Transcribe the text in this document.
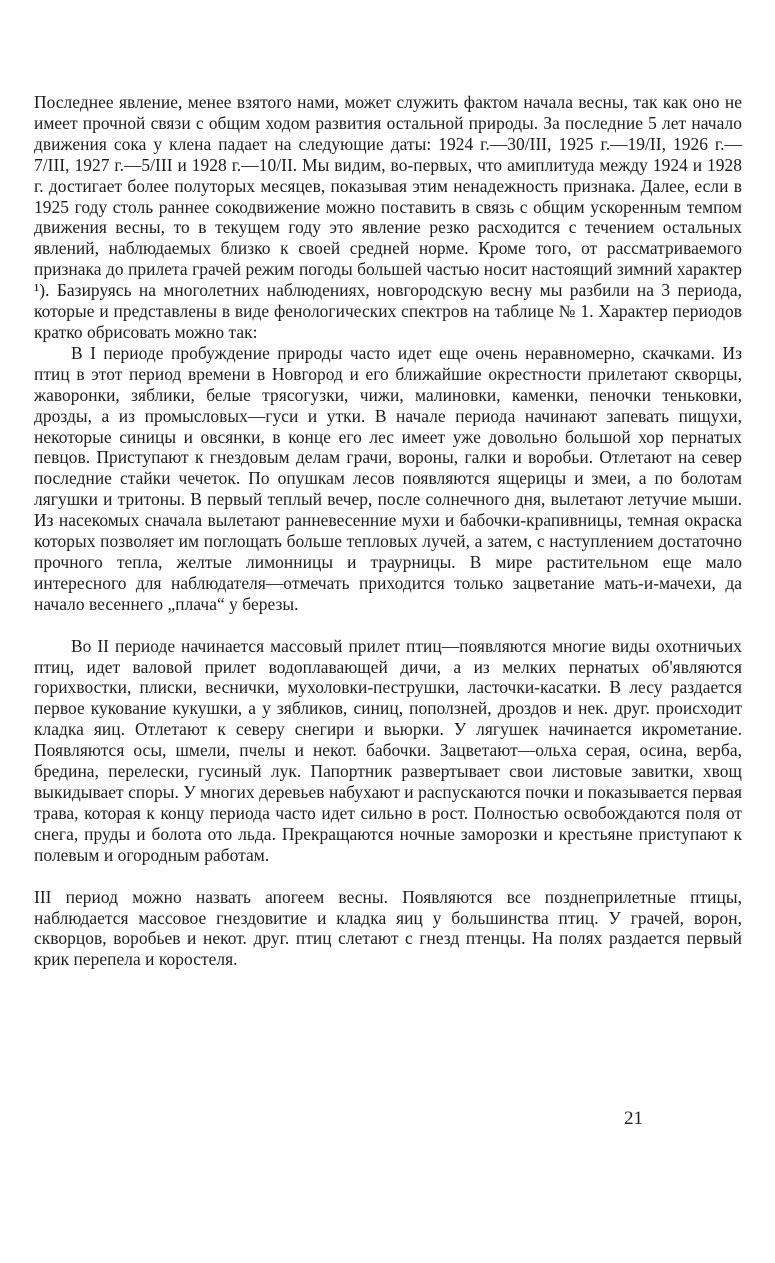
Последнее явление, менее взятого нами, может служить фактом начала весны, так как оно не имеет прочной связи с общим ходом развития остальной природы. За последние 5 лет начало движения сока у клена падает на следующие даты: 1924 г.—30/III, 1925 г.—19/II, 1926 г.—7/III, 1927 г.—5/III и 1928 г.—10/II. Мы видим, во-первых, что амиплитуда между 1924 и 1928 г. достигает более полуторых месяцев, показывая этим ненадежность признака. Далее, если в 1925 году столь раннее сокодвижение можно поставить в связь с общим ускоренным темпом движения весны, то в текущем году это явление резко расходится с течением остальных явлений, наблюдаемых близко к своей средней норме. Кроме того, от рассматриваемого признака до прилета грачей режим погоды большей частью носит настоящий зимний характер ¹). Базируясь на многолетних наблюдениях, новгородскую весну мы разбили на 3 периода, которые и представлены в виде фенологических спектров на таблице № 1. Характер периодов кратко обрисовать можно так:

В I периоде пробуждение природы часто идет еще очень неравномерно, скачками. Из птиц в этот период времени в Новгород и его ближайшие окрестности прилетают скворцы, жаворонки, зяблики, белые трясогузки, чижи, малиновки, каменки, пеночки теньковки, дрозды, а из промысловых—гуси и утки. В начале периода начинают запевать пищухи, некоторые синицы и овсянки, в конце его лес имеет уже довольно большой хор пернатых певцов. Приступают к гнездовым делам грачи, вороны, галки и воробьи. Отлетают на север последние стайки чечеток. По опушкам лесов появляются ящерицы и змеи, а по болотам лягушки и тритоны. В первый теплый вечер, после солнечного дня, вылетают летучие мыши. Из насекомых сначала вылетают ранневесенние мухи и бабочки-крапивницы, темная окраска которых позволяет им поглощать больше тепловых лучей, а затем, с наступлением достаточно прочного тепла, желтые лимонницы и траурницы. В мире растительном еще мало интересного для наблюдателя—отмечать приходится только зацветание мать-и-мачехи, да начало весеннего „плача“ у березы.

Во II периоде начинается массовый прилет птиц—появляются многие виды охотничьих птиц, идет валовой прилет водоплавающей дичи, а из мелких пернатых об'являются горихвостки, плиски, веснички, мухоловки-пеструшки, ласточки-касатки. В лесу раздается первое кукование кукушки, а у зябликов, синиц, поползней, дроздов и нек. друг. происходит кладка яиц. Отлетают к северу снегири и вьюрки. У лягушек начинается икрометание. Появляются осы, шмели, пчелы и некот. бабочки. Зацветают—ольха серая, осина, верба, бредина, перелески, гусиный лук. Папортник развертывает свои листовые завитки, хвощ выкидывает споры. У многих деревьев набухают и распускаются почки и показывается первая трава, которая к концу периода часто идет сильно в рост. Полностью освобождаются поля от снега, пруды и болота ото льда. Прекращаются ночные заморозки и крестьяне приступают к полевым и огородным работам.

III период можно назвать апогеем весны. Появляются все позднеприлетные птицы, наблюдается массовое гнездовитие и кладка яиц у большинства птиц. У грачей, ворон, скворцов, воробьев и некот. друг. птиц слетают с гнезд птенцы. На полях раздается первый крик перепела и коростеля.

21
